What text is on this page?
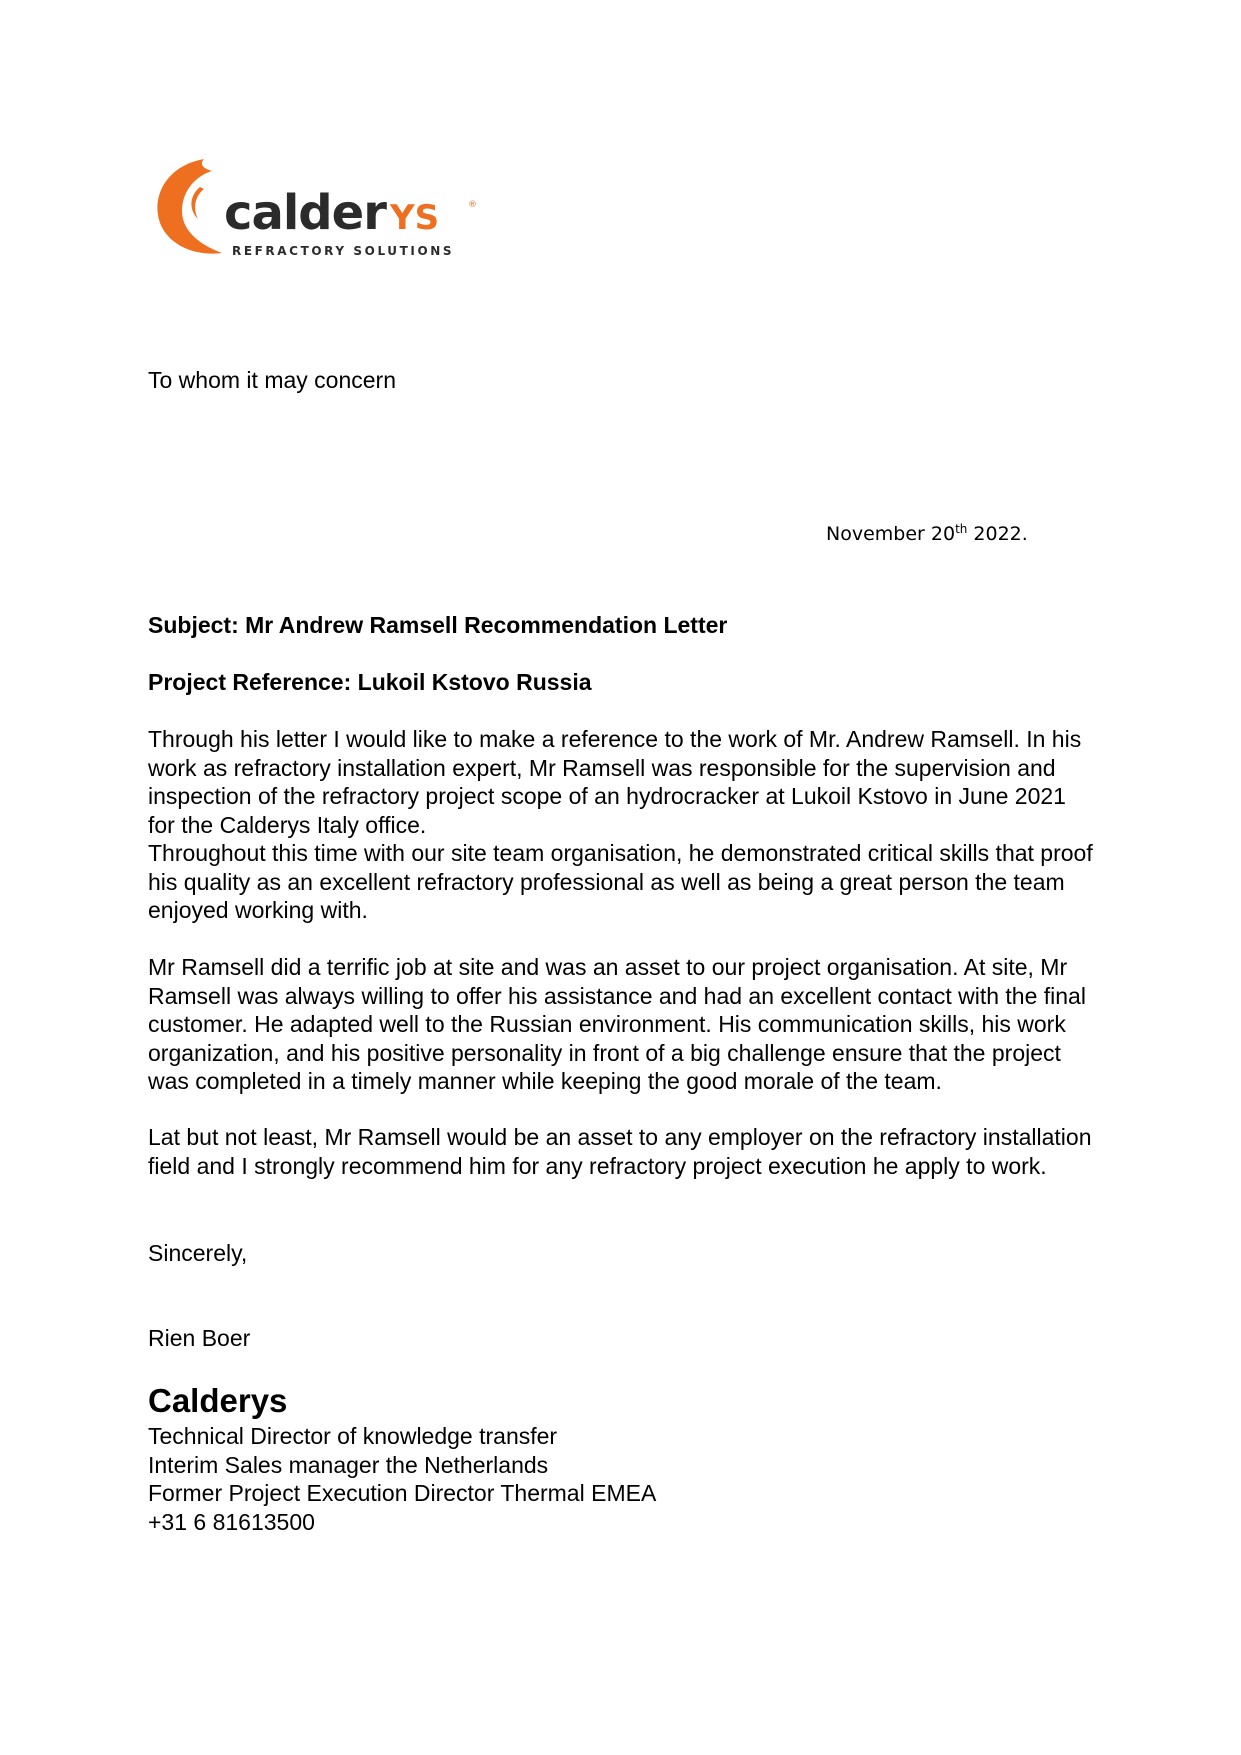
calder YS	®
REFRACTORY SOLUTIONS
To whom it may concern
November 20th 2022.
Subject: Mr Andrew Ramsell Recommendation Letter
Project Reference: Lukoil Kstovo Russia
Through his letter I would like to make a reference to the work of Mr. Andrew Ramsell. In his
work as refractory installation expert, Mr Ramsell was responsible for the supervision and
inspection of the refractory project scope of an hydrocracker at Lukoil Kstovo in June 2021
for the Calderys Italy office.
Throughout this time with our site team organisation, he demonstrated critical skills that proof
his quality as an excellent refractory professional as well as being a great person the team
enjoyed working with.
Mr Ramsell did a terrific job at site and was an asset to our project organisation. At site, Mr
Ramsell was always willing to offer his assistance and had an excellent contact with the final
customer. He adapted well to the Russian environment. His communication skills, his work
organization, and his positive personality in front of a big challenge ensure that the project
was completed in a timely manner while keeping the good morale of the team.
Lat but not least, Mr Ramsell would be an asset to any employer on the refractory installation
field and I strongly recommend him for any refractory project execution he apply to work.
Sincerely,
Rien Boer
Calderys
Technical Director of knowledge transfer
Interim Sales manager the Netherlands
Former Project Execution Director Thermal EMEA
+31 6 81613500
